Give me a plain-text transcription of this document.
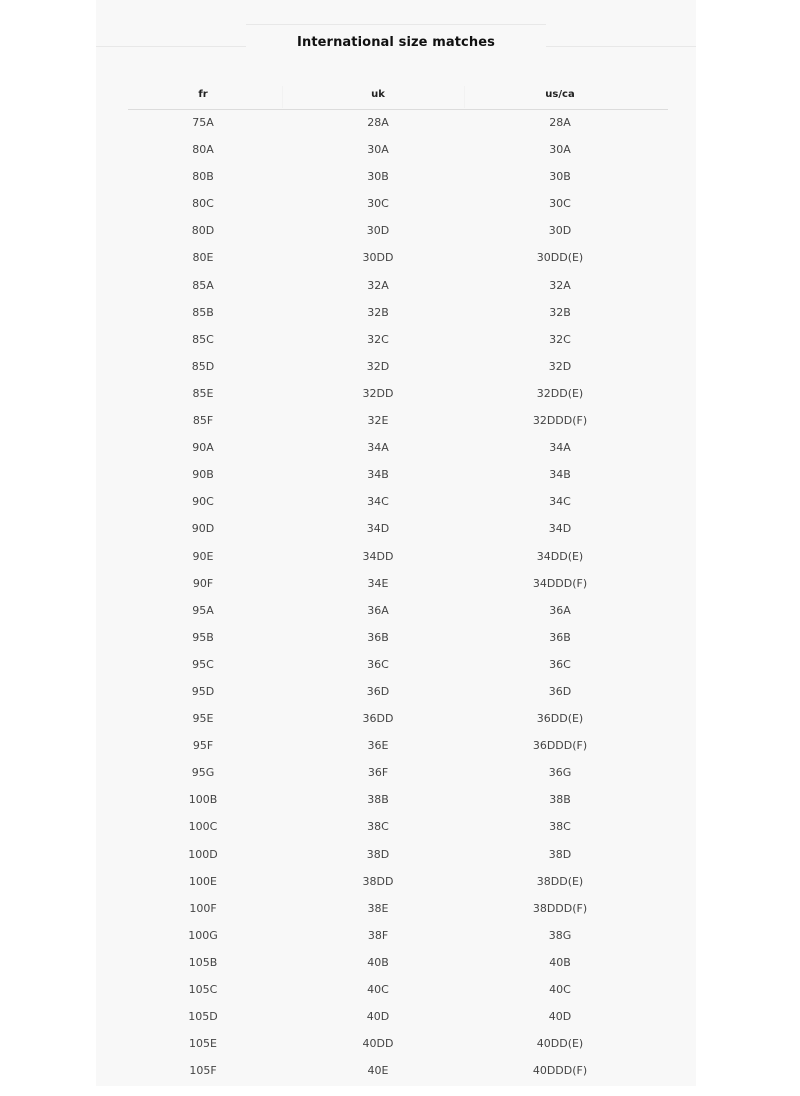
International size matches
fr	uk	us/ca
75A	28A	28A
80A	30A	30A
80B	30B	30B
80C	30C	30C
80D	30D	30D
80E	30DD	30DD(E)
85A	32A	32A
85B	32B	32B
85C	32C	32C
85D	32D	32D
85E	32DD	32DD(E)
85F	32E	32DDD(F)
90A	34A	34A
90B	34B	34B
90C	34C	34C
90D	34D	34D
90E	34DD	34DD(E)
90F	34E	34DDD(F)
95A	36A	36A
95B	36B	36B
95C	36C	36C
95D	36D	36D
95E	36DD	36DD(E)
95F	36E	36DDD(F)
95G	36F	36G
100B	38B	38B
100C	38C	38C
100D	38D	38D
100E	38DD	38DD(E)
100F	38E	38DDD(F)
100G	38F	38G
105B	40B	40B
105C	40C	40C
105D	40D	40D
105E	40DD	40DD(E)
105F	40E	40DDD(F)
